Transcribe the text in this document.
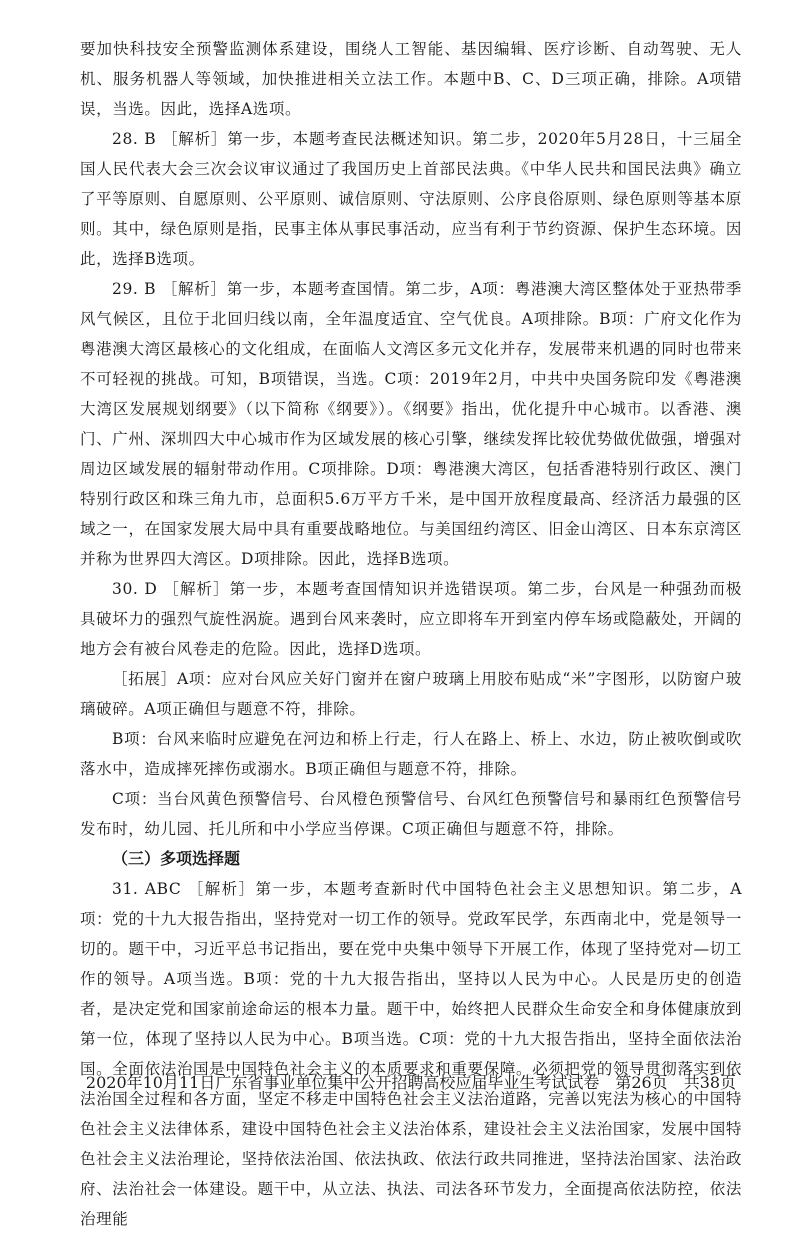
要加快科技安全预警监测体系建设，围绕人工智能、基因编辑、医疗诊断、自动驾驶、无人机、服务机器人等领域，加快推进相关立法工作。本题中B、C、D三项正确，排除。A项错误，当选。因此，选择A选项。

28. B ［解析］第一步，本题考查民法概述知识。第二步，2020年5月28日，十三届全国人民代表大会三次会议审议通过了我国历史上首部民法典。《中华人民共和国民法典》确立了平等原则、自愿原则、公平原则、诚信原则、守法原则、公序良俗原则、绿色原则等基本原则。其中，绿色原则是指，民事主体从事民事活动，应当有利于节约资源、保护生态环境。因此，选择B选项。

29. B ［解析］第一步，本题考查国情。第二步，A项：粤港澳大湾区整体处于亚热带季风气候区，且位于北回归线以南，全年温度适宜、空气优良。A项排除。B项：广府文化作为粤港澳大湾区最核心的文化组成，在面临人文湾区多元文化并存，发展带来机遇的同时也带来不可轻视的挑战。可知，B项错误，当选。C项：2019年2月，中共中央国务院印发《粤港澳大湾区发展规划纲要》（以下简称《纲要》）。《纲要》指出，优化提升中心城市。以香港、澳门、广州、深圳四大中心城市作为区域发展的核心引擎，继续发挥比较优势做优做强，增强对周边区域发展的辐射带动作用。C项排除。D项：粤港澳大湾区，包括香港特别行政区、澳门特别行政区和珠三角九市，总面积5.6万平方千米，是中国开放程度最高、经济活力最强的区域之一，在国家发展大局中具有重要战略地位。与美国纽约湾区、旧金山湾区、日本东京湾区并称为世界四大湾区。D项排除。因此，选择B选项。

30. D ［解析］第一步，本题考查国情知识并选错误项。第二步，台风是一种强劲而极具破坏力的强烈气旋性涡旋。遇到台风来袭时，应立即将车开到室内停车场或隐蔽处，开阔的地方会有被台风卷走的危险。因此，选择D选项。

［拓展］A项：应对台风应关好门窗并在窗户玻璃上用胶布贴成“米”字图形，以防窗户玻璃破碎。A项正确但与题意不符，排除。

B项：台风来临时应避免在河边和桥上行走，行人在路上、桥上、水边，防止被吹倒或吹落水中，造成摔死摔伤或溺水。B项正确但与题意不符，排除。

C项：当台风黄色预警信号、台风橙色预警信号、台风红色预警信号和暴雨红色预警信号发布时，幼儿园、托儿所和中小学应当停课。C项正确但与题意不符，排除。

（三）多项选择题

31. ABC ［解析］第一步，本题考查新时代中国特色社会主义思想知识。第二步，A项：党的十九大报告指出，坚持党对一切工作的领导。党政军民学，东西南北中，党是领导一切的。题干中，习近平总书记指出，要在党中央集中领导下开展工作，体现了坚持党对—切工作的领导。A项当选。B项：党的十九大报告指出，坚持以人民为中心。人民是历史的创造者，是决定党和国家前途命运的根本力量。题干中，始终把人民群众生命安全和身体健康放到第一位，体现了坚持以人民为中心。B项当选。C项：党的十九大报告指出，坚持全面依法治国。全面依法治国是中国特色社会主义的本质要求和重要保障。必须把党的领导贯彻落实到依法治国全过程和各方面，坚定不移走中国特色社会主义法治道路，完善以宪法为核心的中国特色社会主义法律体系，建设中国特色社会主义法治体系，建设社会主义法治国家，发展中国特色社会主义法治理论，坚持依法治国、依法执政、依法行政共同推进，坚持法治国家、法治政府、法治社会一体建设。题干中，从立法、执法、司法各环节发力，全面提高依法防控，依法治理能

2020年10月11日广东省事业单位集中公开招聘高校应届毕业生考试试卷　第26页　共38页
